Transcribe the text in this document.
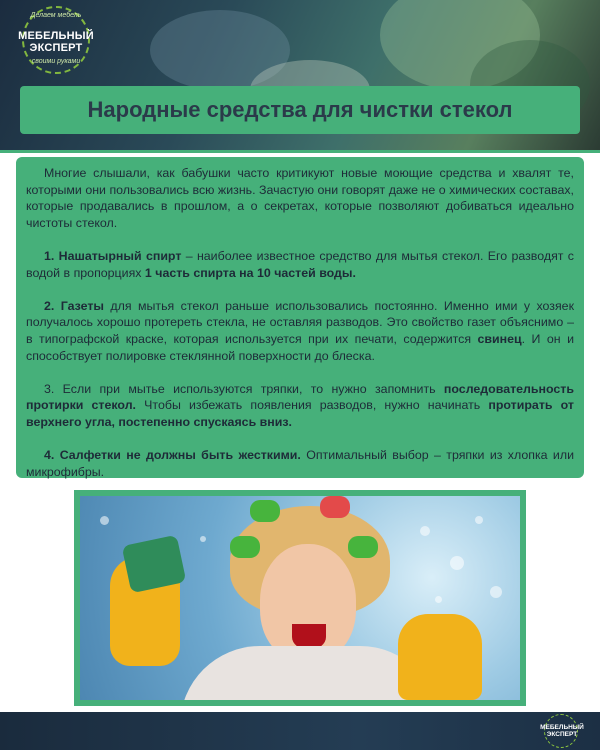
Делаем мебель
МЕБЕЛЬНЫЙ ЭКСПЕРТ
своими руками
Народные средства для чистки стекол

Многие слышали, как бабушки часто критикуют новые моющие средства и хвалят те, которыми они пользовались всю жизнь. Зачастую они говорят даже не о химических составах, которые продавались в прошлом, а о секретах, которые позволяют добиваться идеально чистоты стекол.

1. Нашатырный спирт – наиболее известное средство для мытья стекол. Его разводят с водой в пропорциях 1 часть спирта на 10 частей воды.

2. Газеты для мытья стекол раньше использовались постоянно. Именно ими у хозяек получалось хорошо протереть стекла, не оставляя разводов. Это свойство газет объяснимо – в типографской краске, которая используется при их печати, содержится свинец. И он и способствует полировке стеклянной поверхности до блеска.

3. Если при мытье используются тряпки, то нужно запомнить последовательность протирки стекол. Чтобы избежать появления разводов, нужно начинать протирать от верхнего угла, постепенно спускаясь вниз.

4. Салфетки не должны быть жесткими. Оптимальный выбор – тряпки из хлопка или микрофибры.

МЕБЕЛЬНЫЙ ЭКСПЕРТ
